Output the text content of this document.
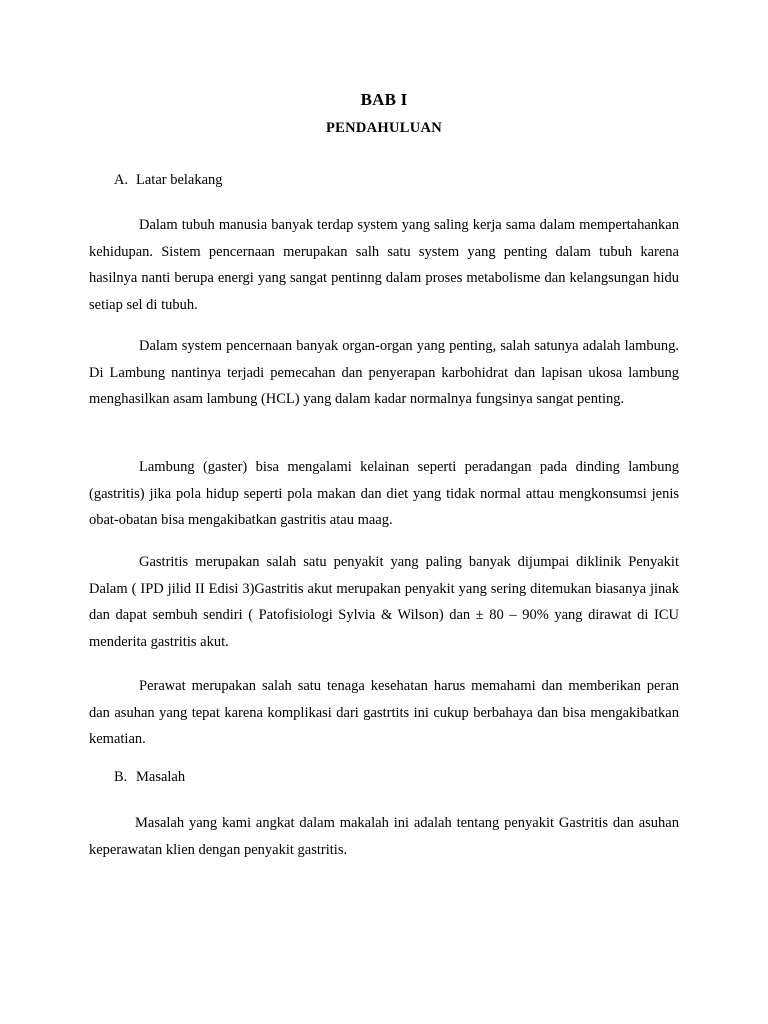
BAB I
PENDAHULUAN
A. Latar belakang

Dalam tubuh manusia banyak terdap system yang saling kerja sama dalam mempertahankan kehidupan. Sistem pencernaan merupakan salh satu system yang penting dalam tubuh karena hasilnya nanti berupa energi yang sangat pentinng dalam proses metabolisme dan kelangsungan hidu setiap sel di tubuh.

Dalam system pencernaan banyak organ-organ yang penting, salah satunya adalah lambung. Di Lambung nantinya terjadi pemecahan dan penyerapan karbohidrat dan lapisan ukosa lambung menghasilkan asam lambung (HCL) yang dalam kadar normalnya fungsinya sangat penting.

Lambung (gaster) bisa mengalami kelainan seperti peradangan pada dinding lambung (gastritis) jika pola hidup seperti pola makan dan diet yang tidak normal attau mengkonsumsi jenis obat-obatan bisa mengakibatkan gastritis atau maag.

Gastritis merupakan salah satu penyakit yang paling banyak dijumpai diklinik Penyakit Dalam ( IPD jilid II Edisi 3)Gastritis akut merupakan penyakit yang sering ditemukan biasanya jinak dan dapat sembuh sendiri ( Patofisiologi Sylvia & Wilson) dan ± 80 – 90% yang dirawat di ICU menderita gastritis akut.

Perawat merupakan salah satu tenaga kesehatan harus memahami dan memberikan peran dan asuhan yang tepat karena komplikasi dari gastrtits ini cukup berbahaya dan bisa mengakibatkan kematian.

B. Masalah

Masalah yang kami angkat dalam makalah ini adalah tentang penyakit Gastritis dan asuhan keperawatan klien dengan penyakit gastritis.
